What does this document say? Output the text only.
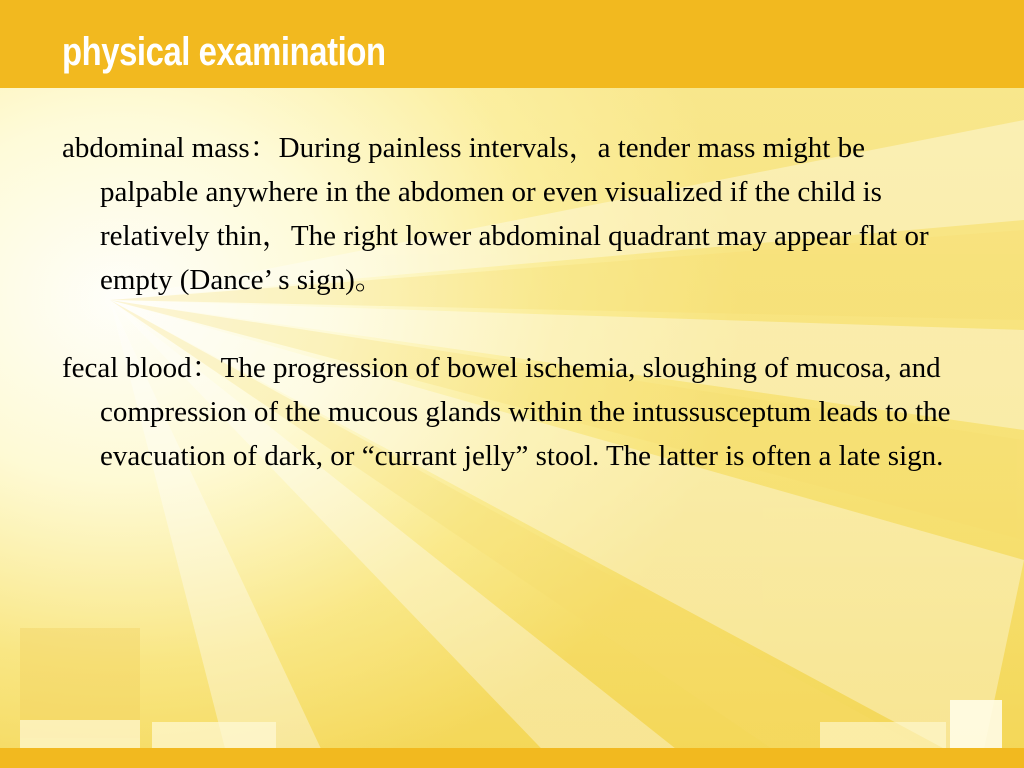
physical examination

abdominal mass：During painless intervals，a tender mass might be palpable anywhere in the abdomen or even visualized if the child is relatively thin，The right lower abdominal quadrant may appear flat or empty (Dance’ s sign)。

fecal blood：The progression of bowel ischemia, sloughing of mucosa, and compression of the mucous glands within the intussusceptum leads to the evacuation of dark, or “currant jelly” stool. The latter is often a late sign.
